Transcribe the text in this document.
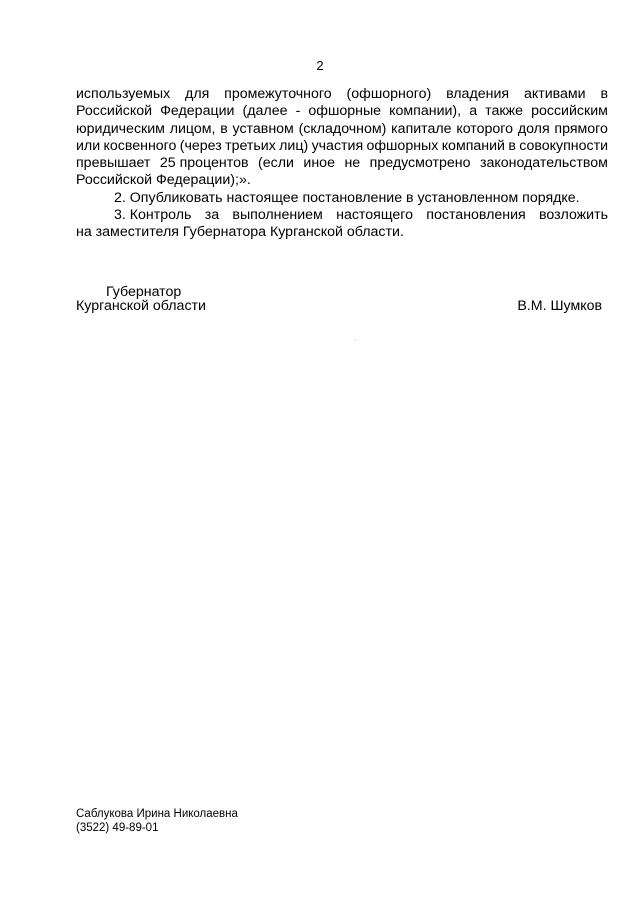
2
используемых для промежуточного (офшорного) владения активами в
Российской Федерации (далее - офшорные компании), а также российским
юридическим лицом, в уставном (складочном) капитале которого доля прямого
или косвенного (через третьих лиц) участия офшорных компаний в совокупности
превышает 25 процентов (если иное не предусмотрено законодательством
Российской Федерации);».
2. Опубликовать настоящее постановление в установленном порядке.
3. Контроль за выполнением настоящего постановления возложить
на заместителя Губернатора Курганской области.
Губернатор
Курганской области	В.М. Шумков
Саблукова Ирина Николаевна
(3522) 49-89-01
